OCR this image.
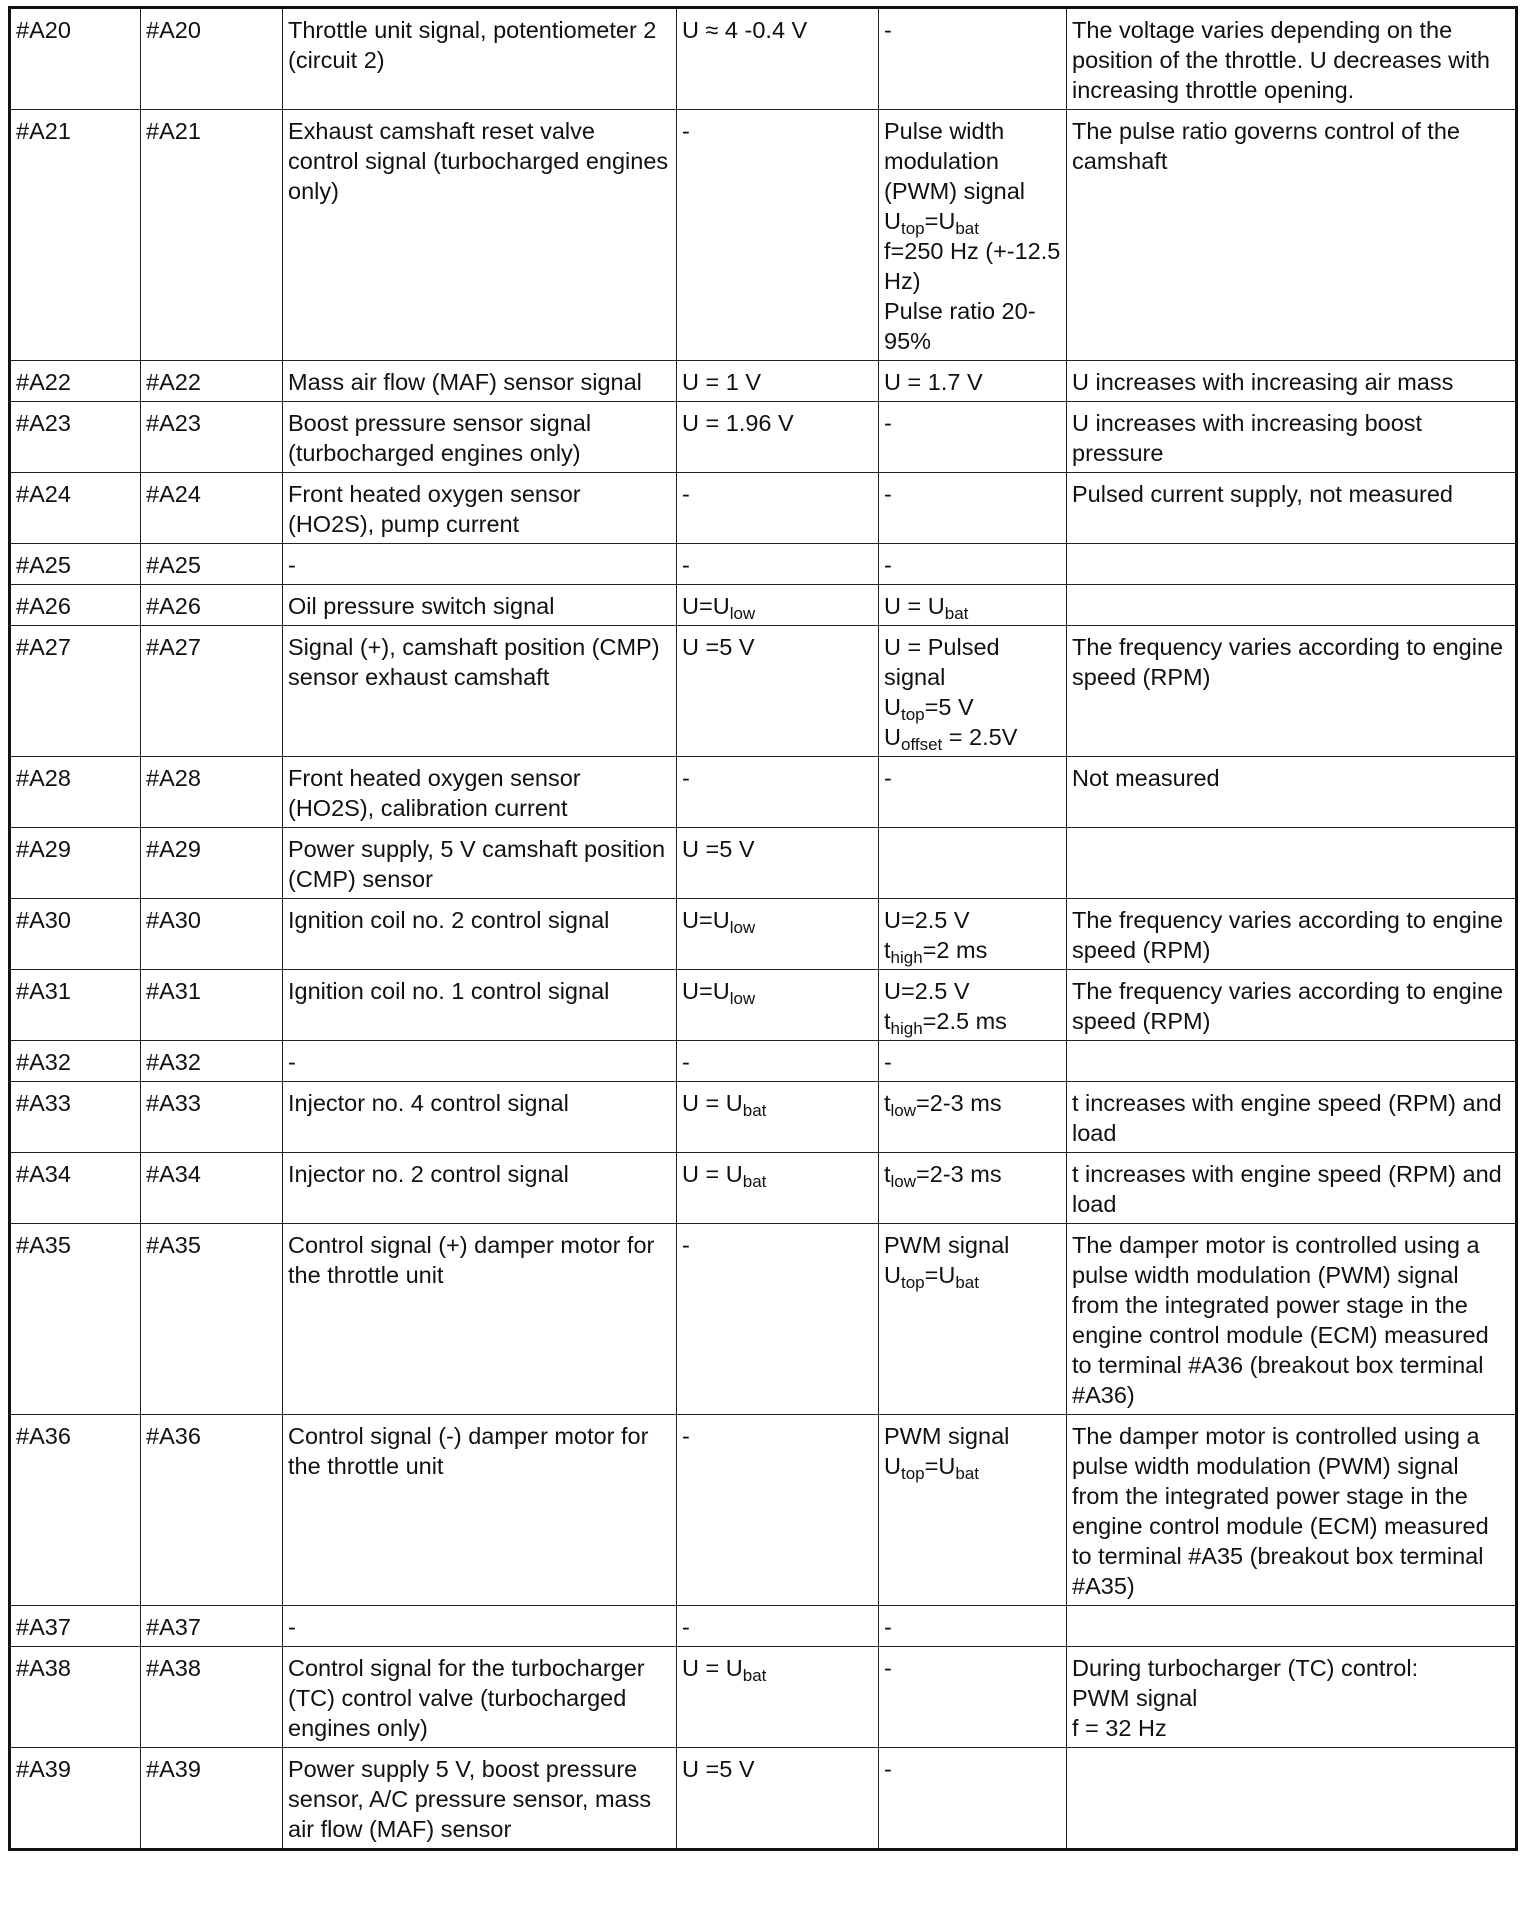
#A20	#A20	Throttle unit signal, potentiometer 2 (circuit 2)	U ≈ 4 -0.4 V	-	The voltage varies depending on the position of the throttle. U decreases with increasing throttle opening.
#A21	#A21	Exhaust camshaft reset valve control signal (turbocharged engines only)	-	Pulse width modulation (PWM) signal
$U_{top}=U_{bat}$
f=250 Hz (+-12.5 Hz)
Pulse ratio 20-95%	The pulse ratio governs control of the camshaft
#A22	#A22	Mass air flow (MAF) sensor signal	U = 1 V	U = 1.7 V	U increases with increasing air mass
#A23	#A23	Boost pressure sensor signal (turbocharged engines only)	U = 1.96 V	-	U increases with increasing boost pressure
#A24	#A24	Front heated oxygen sensor (HO2S), pump current	-	-	Pulsed current supply, not measured
#A25	#A25	-	-	-	
#A26	#A26	Oil pressure switch signal	$U=U_{low}$	$U = U_{bat}$	
#A27	#A27	Signal (+), camshaft position (CMP) sensor exhaust camshaft	U =5 V	U = Pulsed signal
$U_{top}=5$ V
$U_{offset} = 2.5V$	The frequency varies according to engine speed (RPM)
#A28	#A28	Front heated oxygen sensor (HO2S), calibration current	-	-	Not measured
#A29	#A29	Power supply, 5 V camshaft position (CMP) sensor	U =5 V		
#A30	#A30	Ignition coil no. 2 control signal	$U=U_{low}$	U=2.5 V
$t_{high}=2$ ms	The frequency varies according to engine speed (RPM)
#A31	#A31	Ignition coil no. 1 control signal	$U=U_{low}$	U=2.5 V
$t_{high}=2.5$ ms	The frequency varies according to engine speed (RPM)
#A32	#A32	-	-	-	
#A33	#A33	Injector no. 4 control signal	$U = U_{bat}$	$t_{low}=2-3$ ms	t increases with engine speed (RPM) and load
#A34	#A34	Injector no. 2 control signal	$U = U_{bat}$	$t_{low}=2-3$ ms	t increases with engine speed (RPM) and load
#A35	#A35	Control signal (+) damper motor for the throttle unit	-	PWM signal
$U_{top}=U_{bat}$	The damper motor is controlled using a pulse width modulation (PWM) signal from the integrated power stage in the engine control module (ECM) measured to terminal #A36 (breakout box terminal #A36)
#A36	#A36	Control signal (-) damper motor for the throttle unit	-	PWM signal
$U_{top}=U_{bat}$	The damper motor is controlled using a pulse width modulation (PWM) signal from the integrated power stage in the engine control module (ECM) measured to terminal #A35 (breakout box terminal #A35)
#A37	#A37	-	-	-	
#A38	#A38	Control signal for the turbocharger (TC) control valve (turbocharged engines only)	$U = U_{bat}$	-	During turbocharger (TC) control:
PWM signal
f = 32 Hz
#A39	#A39	Power supply 5 V, boost pressure sensor, A/C pressure sensor, mass air flow (MAF) sensor	U =5 V	-	
